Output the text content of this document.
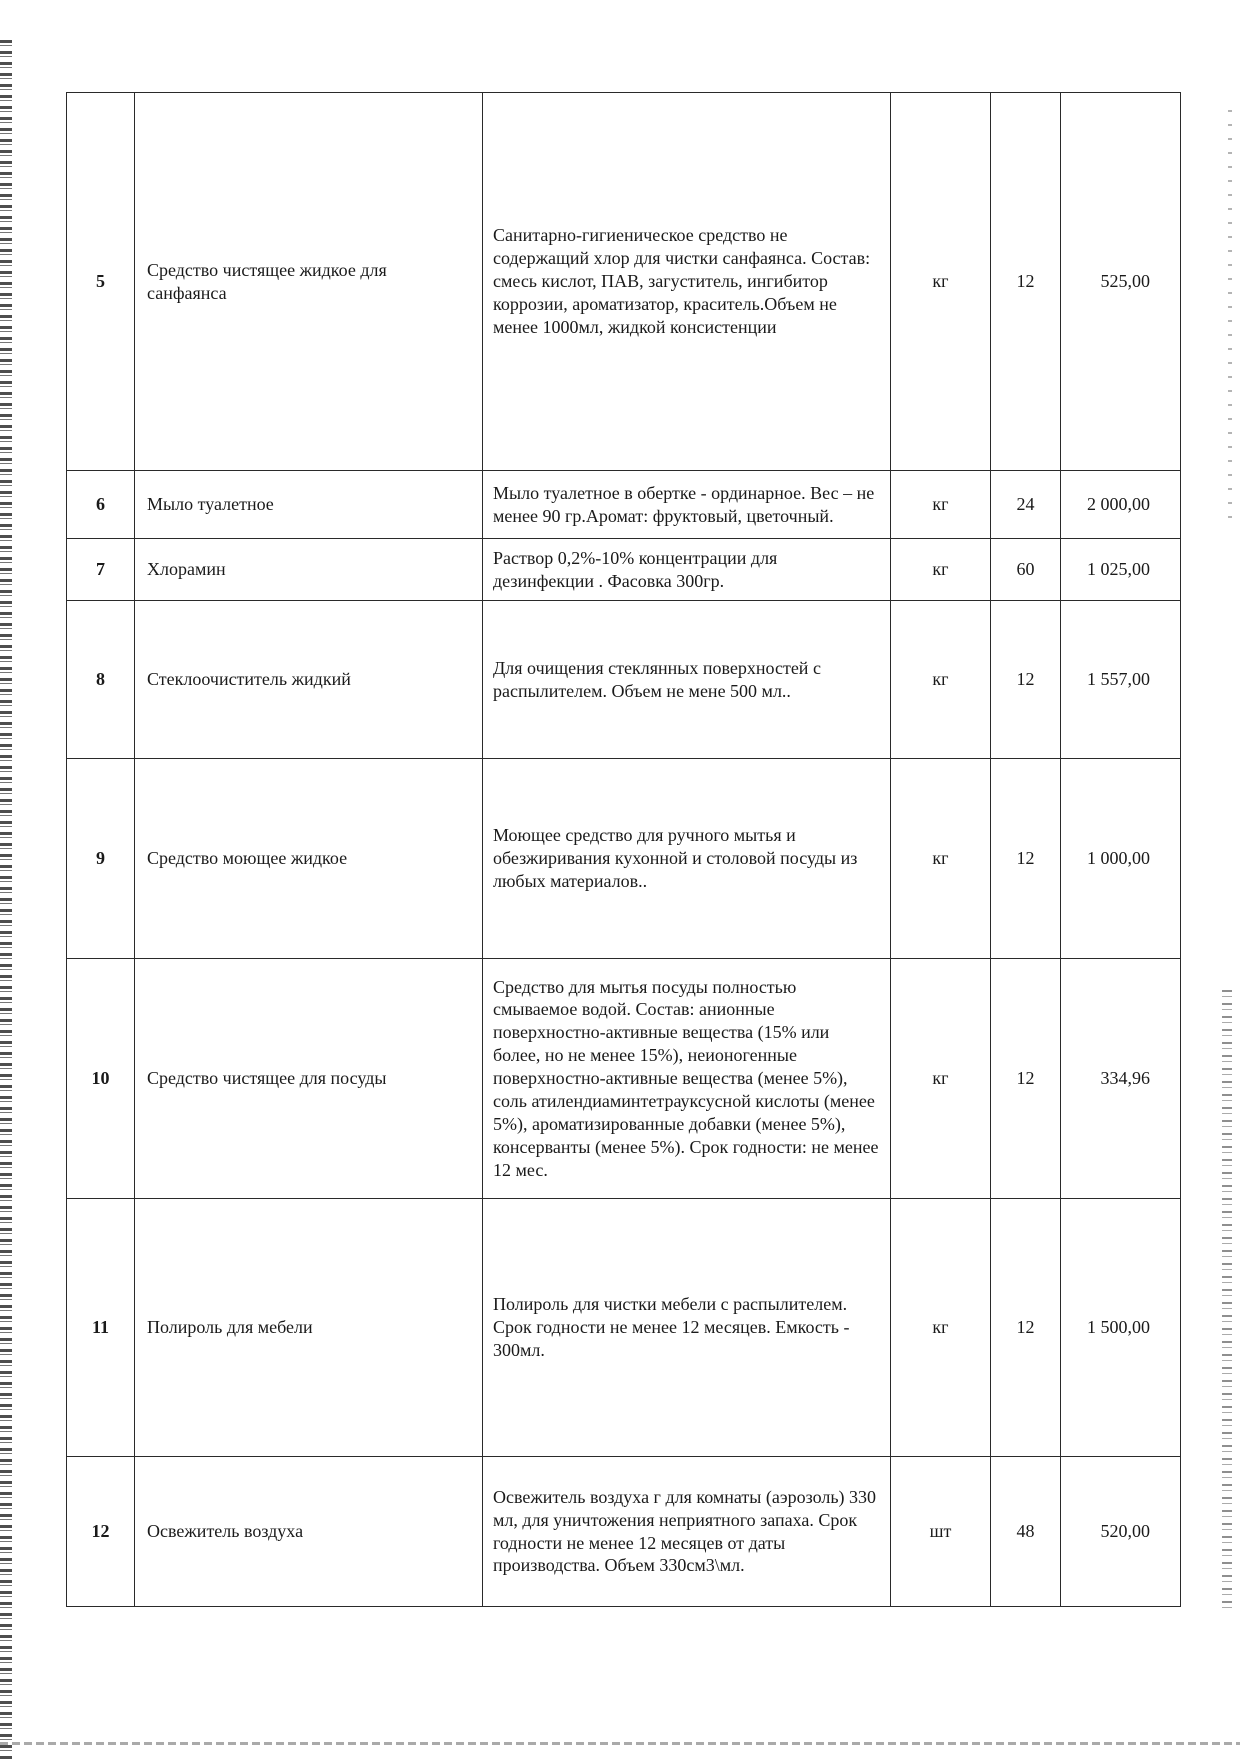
5	Средство чистящее жидкое для санфаянса	Санитарно-гигиеническое средство не содержащий хлор для чистки санфаянса. Состав: смесь кислот, ПАВ, загуститель, ингибитор коррозии, ароматизатор, краситель.Объем не менее 1000мл, жидкой консистенции	кг	12	525,00
6	Мыло туалетное	Мыло туалетное в обертке - ординарное. Вес – не менее 90 гр.Аромат: фруктовый, цветочный.	кг	24	2 000,00
7	Хлорамин	Раствор 0,2%-10% концентрации для дезинфекции . Фасовка 300гр.	кг	60	1 025,00
8	Стеклоочиститель жидкий	Для очищения стеклянных поверхностей с распылителем. Объем не мене 500 мл..	кг	12	1 557,00
9	Средство моющее жидкое	Моющее средство для ручного мытья и обезжиривания кухонной и столовой посуды из любых материалов..	кг	12	1 000,00
10	Средство чистящее для посуды	Средство для мытья посуды полностью смываемое водой. Состав: анионные поверхностно-активные вещества (15% или более, но не менее 15%), неионогенные поверхностно-активные вещества (менее 5%), соль атилендиаминтетрауксусной кислоты (менее 5%), ароматизированные добавки (менее 5%), консерванты (менее 5%). Срок годности: не менее 12 мес.	кг	12	334,96
11	Полироль для мебели	Полироль для чистки мебели с распылителем. Срок годности не менее 12 месяцев. Емкость - 300мл.	кг	12	1 500,00
12	Освежитель воздуха	Освежитель воздуха г для комнаты (аэрозоль) 330 мл, для уничтожения неприятного запаха. Срок годности не менее 12 месяцев от даты производства. Объем 330см3\мл.	шт	48	520,00
